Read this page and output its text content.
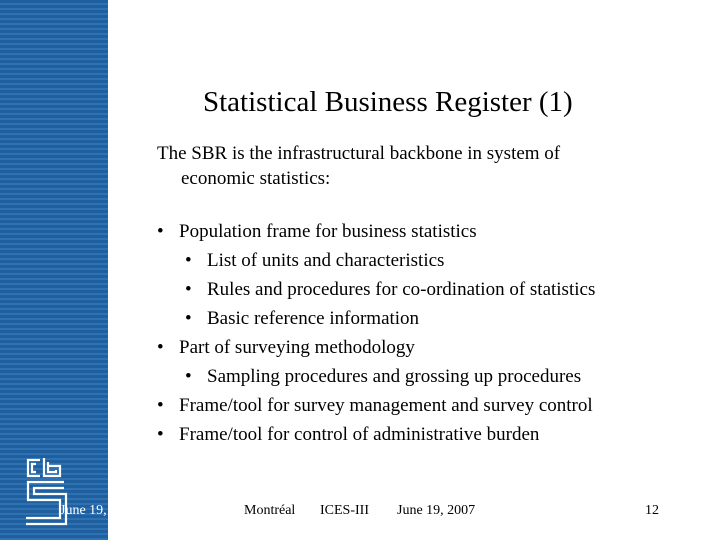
June 19,
Statistical Business Register (1)
The SBR is the infrastructural backbone in system of
economic statistics:
• Population frame for business statistics
• List of units and characteristics
• Rules and procedures for co-ordination of statistics
• Basic reference information
• Part of surveying methodology
• Sampling procedures and grossing up procedures
• Frame/tool for survey management and survey control
• Frame/tool for control of administrative burden
Montréal ICES-III June 19, 2007	12
